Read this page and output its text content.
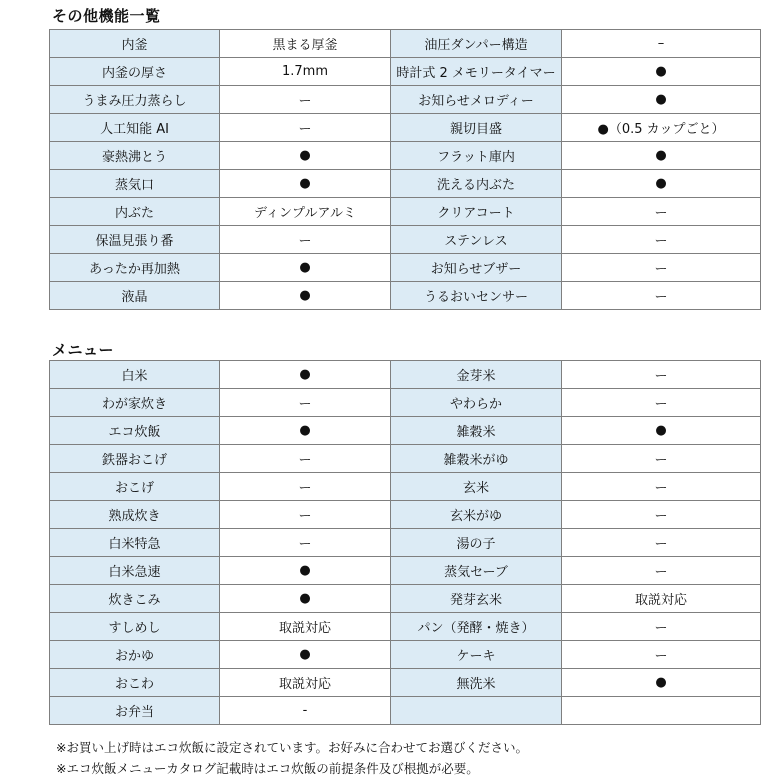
その他機能一覧
内釜	黒まる厚釜	油圧ダンパー構造	–
内釜の厚さ	1.7mm	時計式 2 メモリータイマー	●
うまみ圧力蒸らし	ー	お知らせメロディー	●
人工知能 AI	ー	親切目盛	●（0.5 カップごと）
豪熱沸とう	●	フラット庫内	●
蒸気口	●	洗える内ぶた	●
内ぶた	ディンプルアルミ	クリアコート	ー
保温見張り番	ー	ステンレス	ー
あったか再加熱	●	お知らせブザー	ー
液晶	●	うるおいセンサー	ー
メニュー
白米	●	金芽米	ー
わが家炊き	ー	やわらか	ー
エコ炊飯	●	雑穀米	●
鉄器おこげ	ー	雑穀米がゆ	ー
おこげ	ー	玄米	ー
熟成炊き	ー	玄米がゆ	ー
白米特急	ー	湯の子	ー
白米急速	●	蒸気セーブ	ー
炊きこみ	●	発芽玄米	取説対応
すしめし	取説対応	パン（発酵・焼き）	ー
おかゆ	●	ケーキ	ー
おこわ	取説対応	無洗米	●
お弁当	-		
※お買い上げ時はエコ炊飯に設定されています。お好みに合わせてお選びください。
※エコ炊飯メニューカタログ記載時はエコ炊飯の前提条件及び根拠が必要。
